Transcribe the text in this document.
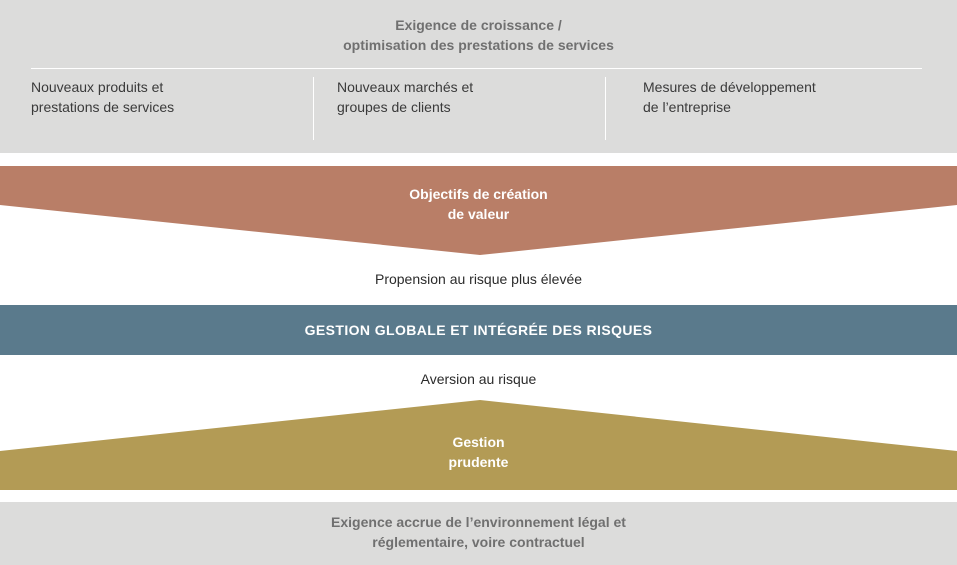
Exigence de croissance /
optimisation des prestations de services
Nouveaux produits et
prestations de services
Nouveaux marchés et
groupes de clients
Mesures de développement
de l’entreprise
Objectifs de création
de valeur
Propension au risque plus élevée
GESTION GLOBALE ET INTÉGRÉE DES RISQUES
Aversion au risque
Gestion
prudente
Exigence accrue de l’environnement légal et
réglementaire, voire contractuel
